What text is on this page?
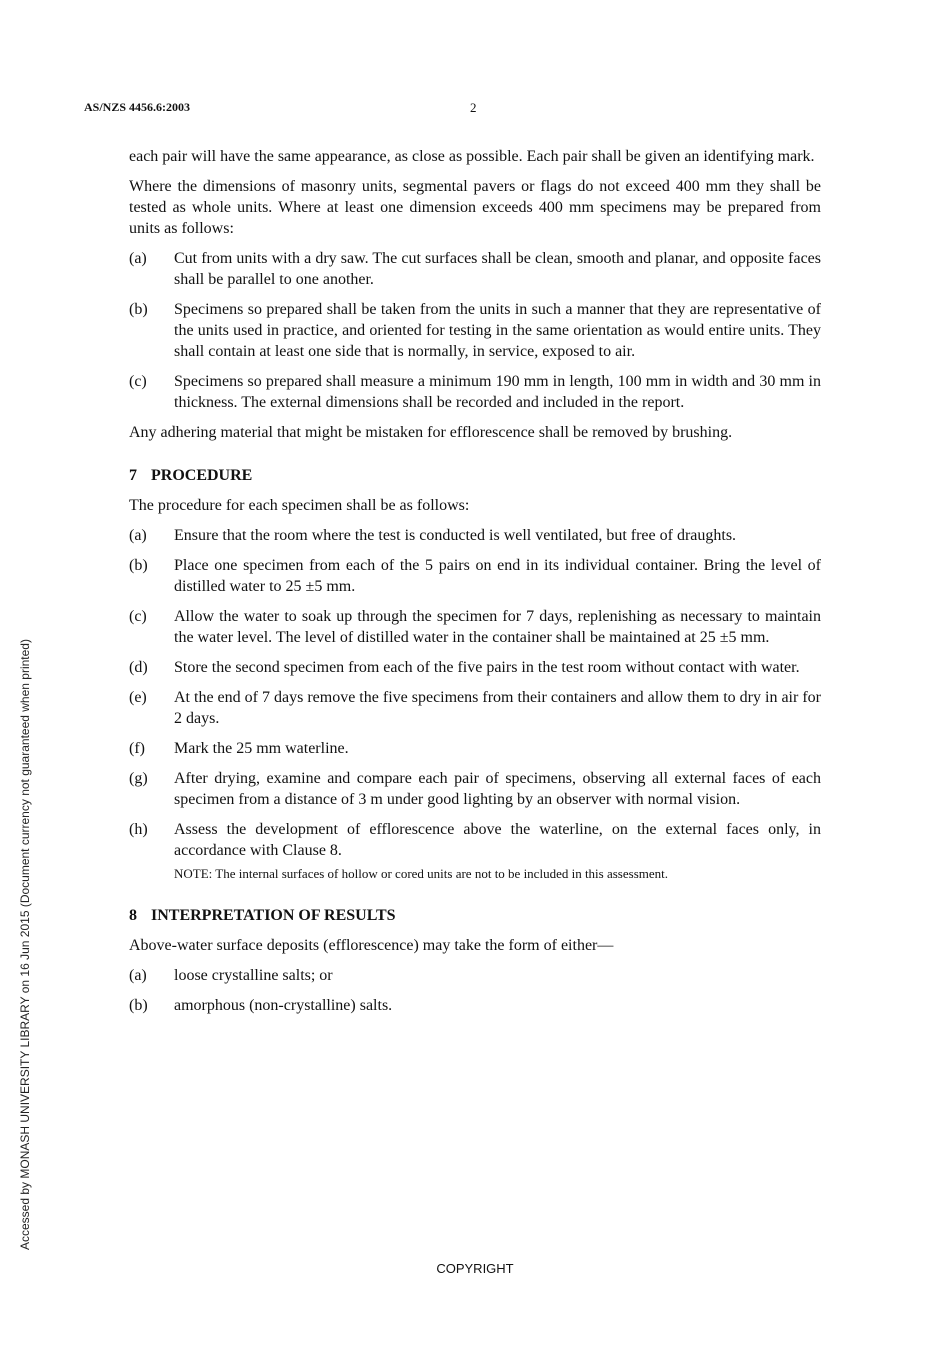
AS/NZS 4456.6:2003	2
Accessed by MONASH UNIVERSITY LIBRARY on 16 Jun 2015 (Document currency not guaranteed when printed)

each pair will have the same appearance, as close as possible. Each pair shall be given an identifying mark.

Where the dimensions of masonry units, segmental pavers or flags do not exceed 400 mm they shall be tested as whole units. Where at least one dimension exceeds 400 mm specimens may be prepared from units as follows:

(a)	Cut from units with a dry saw. The cut surfaces shall be clean, smooth and planar, and opposite faces shall be parallel to one another.
(b)	Specimens so prepared shall be taken from the units in such a manner that they are representative of the units used in practice, and oriented for testing in the same orientation as would entire units. They shall contain at least one side that is normally, in service, exposed to air.
(c)	Specimens so prepared shall measure a minimum 190 mm in length, 100 mm in width and 30 mm in thickness. The external dimensions shall be recorded and included in the report.

Any adhering material that might be mistaken for efflorescence shall be removed by brushing.

7 PROCEDURE

The procedure for each specimen shall be as follows:

(a)	Ensure that the room where the test is conducted is well ventilated, but free of draughts.
(b)	Place one specimen from each of the 5 pairs on end in its individual container. Bring the level of distilled water to 25 ±5 mm.
(c)	Allow the water to soak up through the specimen for 7 days, replenishing as necessary to maintain the water level. The level of distilled water in the container shall be maintained at 25 ±5 mm.
(d)	Store the second specimen from each of the five pairs in the test room without contact with water.
(e)	At the end of 7 days remove the five specimens from their containers and allow them to dry in air for 2 days.
(f)	Mark the 25 mm waterline.
(g)	After drying, examine and compare each pair of specimens, observing all external faces of each specimen from a distance of 3 m under good lighting by an observer with normal vision.
(h)	Assess the development of efflorescence above the waterline, on the external faces only, in accordance with Clause 8.
NOTE: The internal surfaces of hollow or cored units are not to be included in this assessment.
8 INTERPRETATION OF RESULTS

Above-water surface deposits (efflorescence) may take the form of either—

(a)	loose crystalline salts; or
(b)	amorphous (non-crystalline) salts.
COPYRIGHT
